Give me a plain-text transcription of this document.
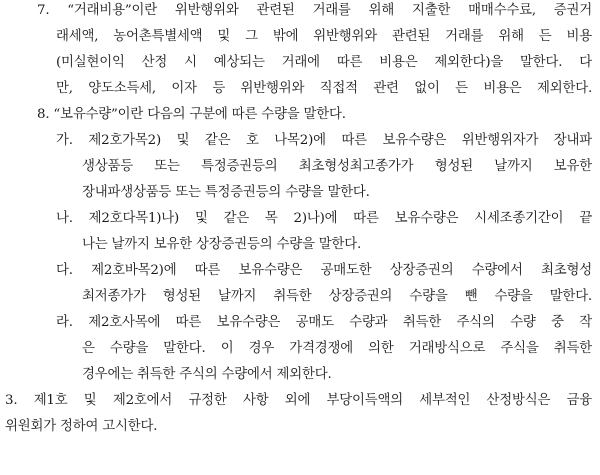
7. “거래비용”이란 위반행위와 관련된 거래를 위해 지출한 매매수수료, 증권거
래세액, 농어촌특별세액 및 그 밖에 위반행위와 관련된 거래를 위해 든 비용
(미실현이익 산정 시 예상되는 거래에 따른 비용은 제외한다)을 말한다. 다
만, 양도소득세, 이자 등 위반행위와 직접적 관련 없이 든 비용은 제외한다.
8. “보유수량”이란 다음의 구분에 따른 수량을 말한다.
가. 제2호가목2) 및 같은 호 나목2)에 따른 보유수량은 위반행위자가 장내파
생상품등 또는 특정증권등의 최초형성최고종가가 형성된 날까지 보유한
장내파생상품등 또는 특정증권등의 수량을 말한다.
나. 제2호다목1)나) 및 같은 목 2)나)에 따른 보유수량은 시세조종기간이 끝
나는 날까지 보유한 상장증권등의 수량을 말한다.
다. 제2호바목2)에 따른 보유수량은 공매도한 상장증권의 수량에서 최초형성
최저종가가 형성된 날까지 취득한 상장증권의 수량을 뺀 수량을 말한다.
라. 제2호사목에 따른 보유수량은 공매도 수량과 취득한 주식의 수량 중 작
은 수량을 말한다. 이 경우 가격경쟁에 의한 거래방식으로 주식을 취득한
경우에는 취득한 주식의 수량에서 제외한다.
3. 제1호 및 제2호에서 규정한 사항 외에 부당이득액의 세부적인 산정방식은 금융
위원회가 정하여 고시한다.
